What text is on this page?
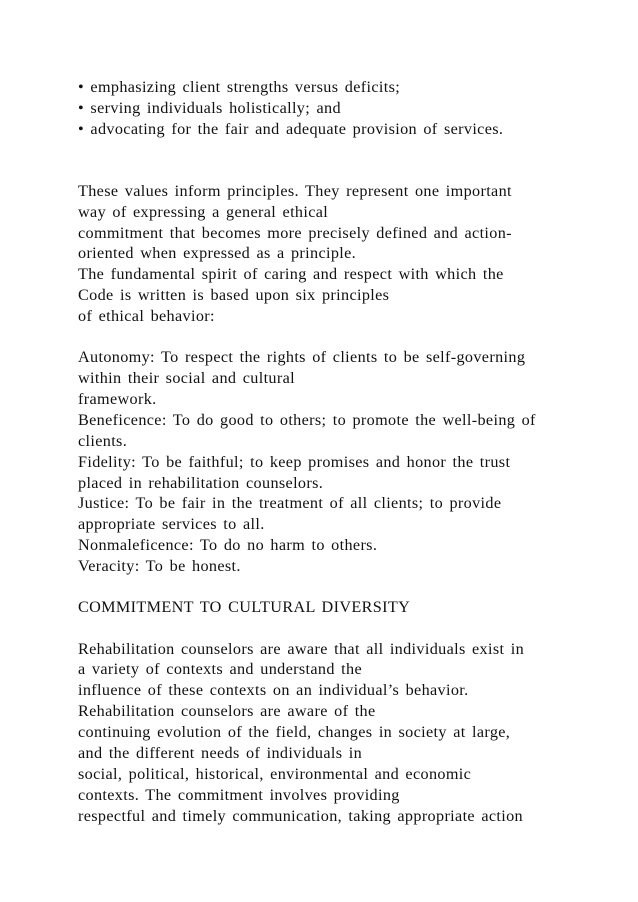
• emphasizing client strengths versus deficits;
• serving individuals holistically; and
• advocating for the fair and adequate provision of services.
These values inform principles. They represent one important
way of expressing a general ethical
commitment that becomes more precisely defined and action-
oriented when expressed as a principle.
The fundamental spirit of caring and respect with which the
Code is written is based upon six principles
of ethical behavior:
Autonomy: To respect the rights of clients to be self-governing
within their social and cultural
framework.
Beneficence: To do good to others; to promote the well-being of
clients.
Fidelity: To be faithful; to keep promises and honor the trust
placed in rehabilitation counselors.
Justice: To be fair in the treatment of all clients; to provide
appropriate services to all.
Nonmaleficence: To do no harm to others.
Veracity: To be honest.
COMMITMENT TO CULTURAL DIVERSITY
Rehabilitation counselors are aware that all individuals exist in
a variety of contexts and understand the
influence of these contexts on an individual’s behavior.
Rehabilitation counselors are aware of the
continuing evolution of the field, changes in society at large,
and the different needs of individuals in
social, political, historical, environmental and economic
contexts. The commitment involves providing
respectful and timely communication, taking appropriate action
